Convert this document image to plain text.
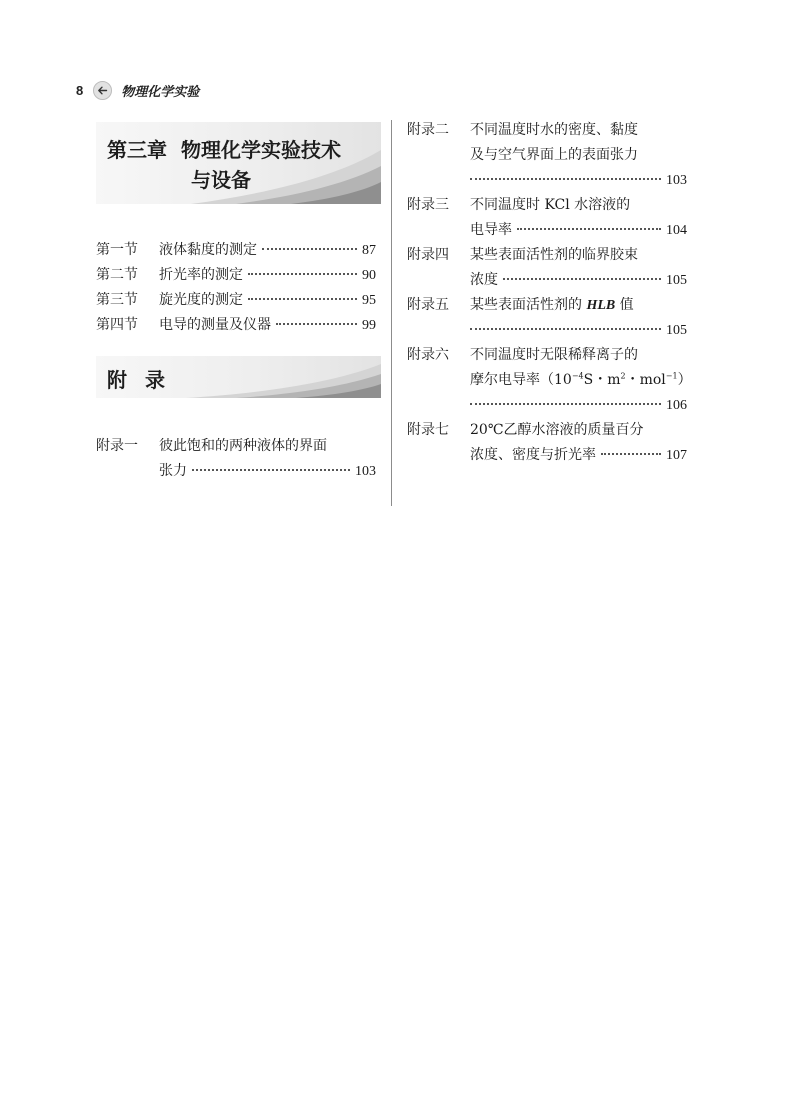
8	物理化学实验
第三章 物理化学实验技术
与设备
第一节 液体黏度的测定	87
第二节 折光率的测定	90
第三节 旋光度的测定	95
第四节 电导的测量及仪器	99
附录
附录一 彼此饱和的两种液体的界面
张力	103
附录二 不同温度时水的密度、黏度
及与空气界面上的表面张力
103
附录三 不同温度时 KCl 水溶液的
电导率	104
附录四 某些表面活性剂的临界胶束
浓度	105
附录五 某些表面活性剂的 HLB 值
105
附录六 不同温度时无限稀释离子的
摩尔电导率（$10^{-4}S$・$m^2$・mol$^{-1}$）
106
附录七 20℃乙醇水溶液的质量百分
浓度、密度与折光率	107
